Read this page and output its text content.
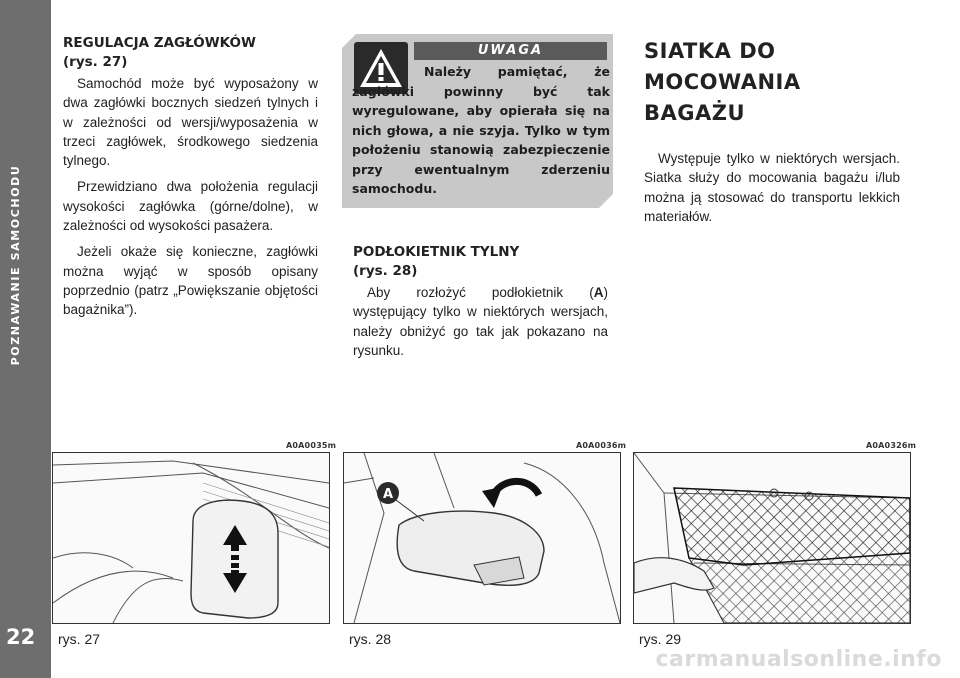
POZNAWANIE SAMOCHODU
22
REGULACJA ZAGŁÓWKÓW
(rys. 27)

Samochód może być wyposażony w dwa zagłówki bocznych siedzeń tylnych i w zależności od wersji/wyposażenia w trzeci zagłówek, środkowego siedzenia tylnego.

Przewidziano dwa położenia regulacji wysokości zagłówka (górne/dolne), w zależności od wysokości pasażera.

Jeżeli okaże się konieczne, zagłówki można wyjąć w sposób opisany poprzednio (patrz „Powiększanie objętości bagażnika”).

UWAGA
Należy pamiętać, że zagłówki powinny być tak wyregulowane, aby opierała się na nich głowa, a nie szyja. Tylko w tym położeniu stanowią zabezpieczenie przy ewentualnym zderzeniu samochodu.
PODŁOKIETNIK TYLNY
(rys. 28)

Aby rozłożyć podłokietnik (A) występujący tylko w niektórych wersjach, należy obniżyć go tak jak pokazano na rysunku.

SIATKA DO
MOCOWANIA BAGAŻU

Występuje tylko w niektórych wersjach. Siatka służy do mocowania bagażu i/lub można ją stosować do transportu lekkich materiałów.

A0A0035m	A0A0036m	A0A0326m
A
rys. 27	rys. 28	rys. 29
carmanualsonline.info
